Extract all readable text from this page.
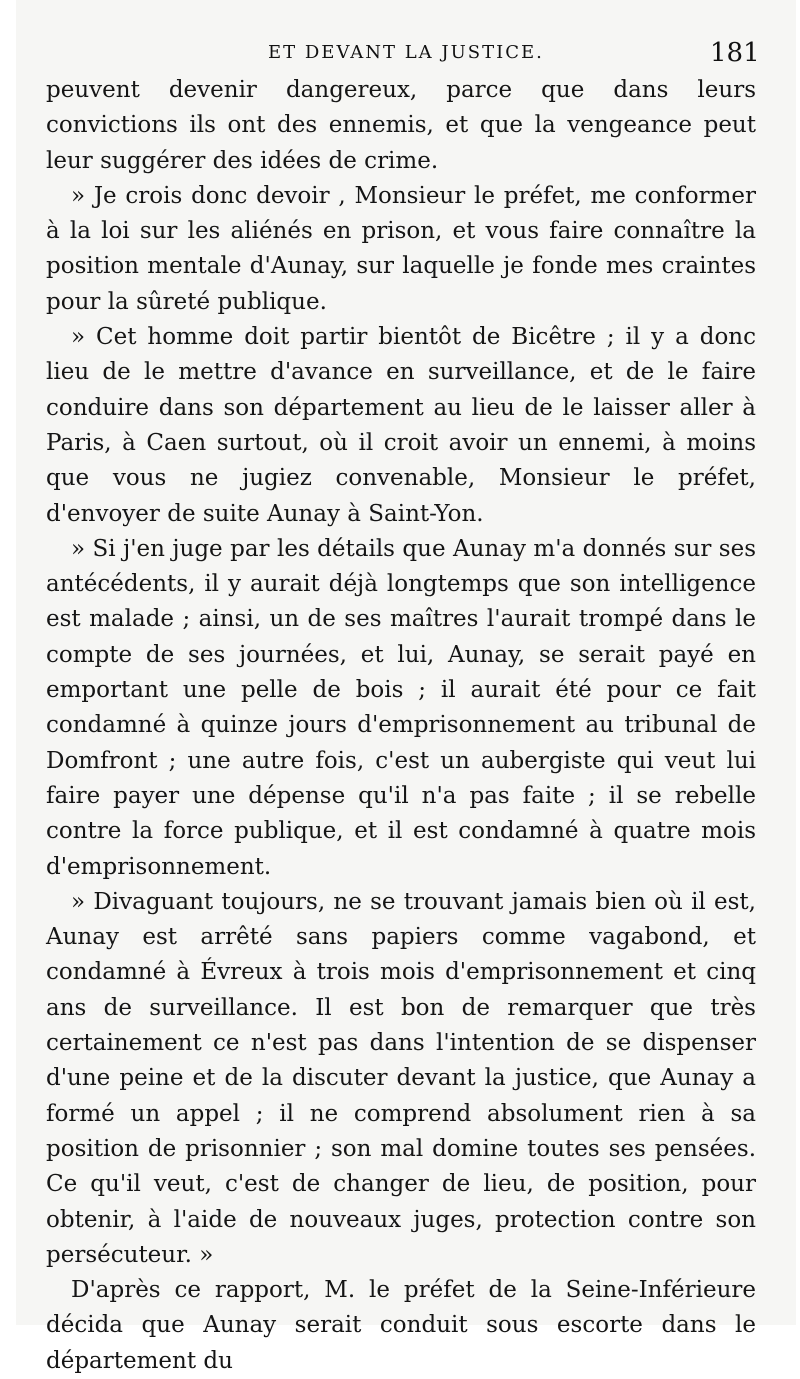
ET DEVANT LA JUSTICE.	181

peuvent devenir dangereux, parce que dans leurs convictions ils ont des ennemis, et que la vengeance peut leur suggérer des idées de crime.

» Je crois donc devoir , Monsieur le préfet, me conformer à la loi sur les aliénés en prison, et vous faire connaître la position mentale d'Aunay, sur laquelle je fonde mes craintes pour la sûreté publique.

» Cet homme doit partir bientôt de Bicêtre ; il y a donc lieu de le mettre d'avance en surveillance, et de le faire conduire dans son département au lieu de le laisser aller à Paris, à Caen surtout, où il croit avoir un ennemi, à moins que vous ne jugiez convenable, Monsieur le préfet, d'envoyer de suite Aunay à Saint-Yon.

» Si j'en juge par les détails que Aunay m'a donnés sur ses antécédents, il y aurait déjà longtemps que son intelligence est malade ; ainsi, un de ses maîtres l'aurait trompé dans le compte de ses journées, et lui, Aunay, se serait payé en emportant une pelle de bois ; il aurait été pour ce fait condamné à quinze jours d'emprisonnement au tribunal de Domfront ; une autre fois, c'est un aubergiste qui veut lui faire payer une dépense qu'il n'a pas faite ; il se rebelle contre la force publique, et il est condamné à quatre mois d'emprisonnement.

» Divaguant toujours, ne se trouvant jamais bien où il est, Aunay est arrêté sans papiers comme vagabond, et condamné à Évreux à trois mois d'emprisonnement et cinq ans de surveillance. Il est bon de remarquer que très certainement ce n'est pas dans l'intention de se dispenser d'une peine et de la discuter devant la justice, que Aunay a formé un appel ; il ne comprend absolument rien à sa position de prisonnier ; son mal domine toutes ses pensées. Ce qu'il veut, c'est de changer de lieu, de position, pour obtenir, à l'aide de nouveaux juges, protection contre son persécuteur. »

D'après ce rapport, M. le préfet de la Seine-Inférieure décida que Aunay serait conduit sous escorte dans le département du
